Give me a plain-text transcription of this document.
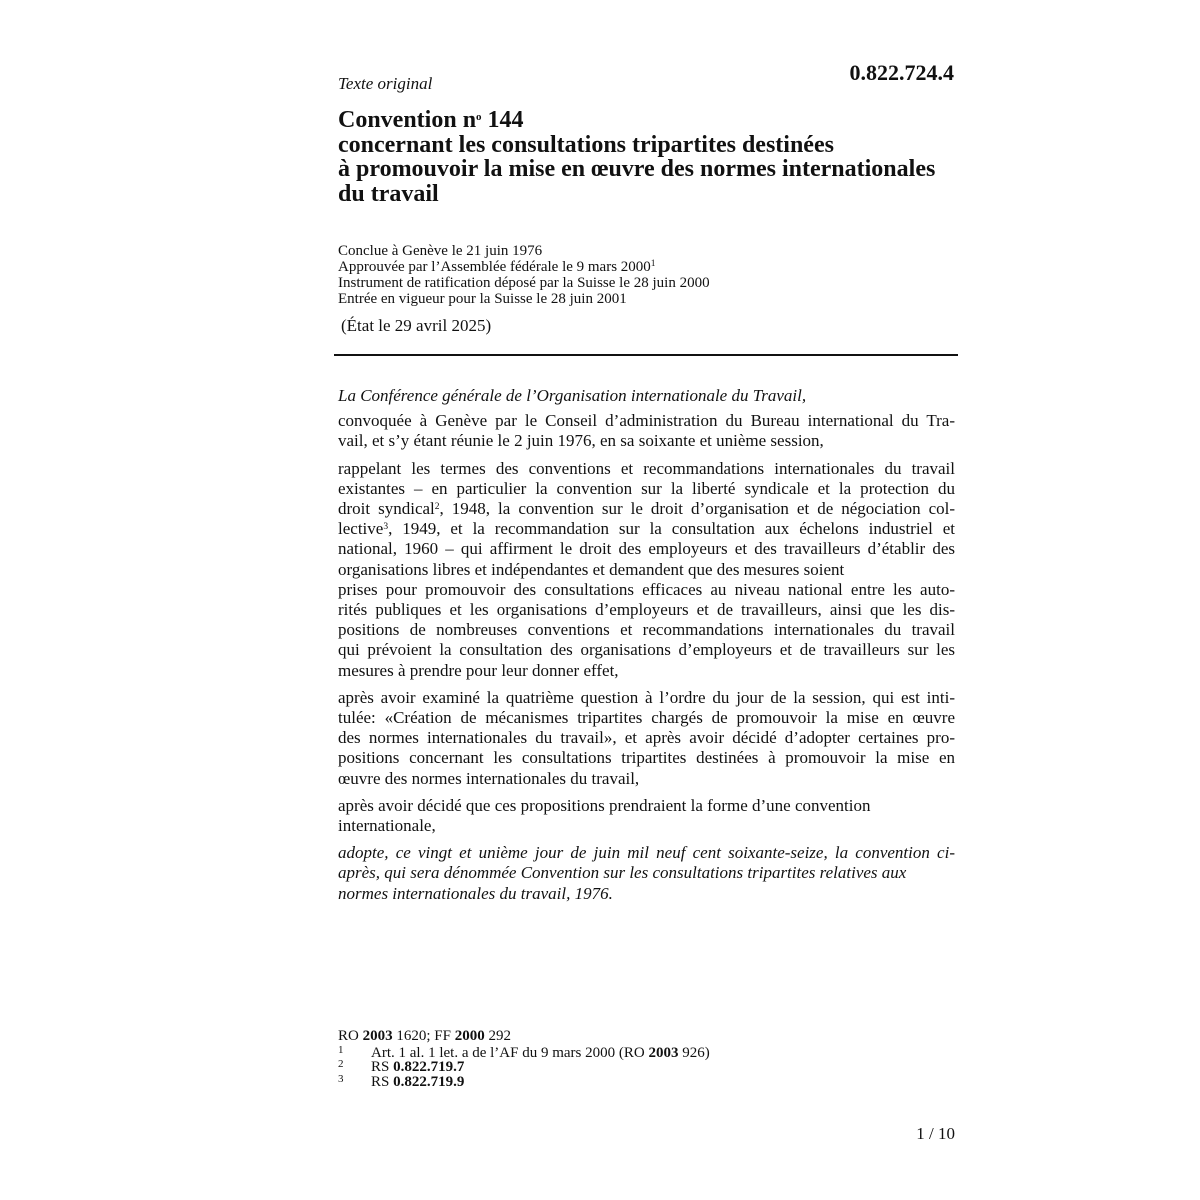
Texte original	0.822.724.4
Convention $n^o$ 144
concernant les consultations tripartites destinées
à promouvoir la mise en œuvre des normes internationales
du travail
Conclue à Genève le 21 juin 1976
Approuvée par l’Assemblée fédérale le 9 mars 2000$^1$
Instrument de ratification déposé par la Suisse le 28 juin 2000
Entrée en vigueur pour la Suisse le 28 juin 2001
(État le 29 avril 2025)

La Conférence générale de l’Organisation internationale du Travail,

convoquée à Genève par le Conseil d’administration du Bureau international du Tra-
vail, et s’y étant réunie le 2 juin 1976, en sa soixante et unième session,

rappelant les termes des conventions et recommandations internationales du travail
existantes – en particulier la convention sur la liberté syndicale et la protection du
droit syndical$^2$, 1948, la convention sur le droit d’organisation et de négociation col-
lective$^3$, 1949, et la recommandation sur la consultation aux échelons industriel et
national, 1960 – qui affirment le droit des employeurs et des travailleurs d’établir des
organisations libres et indépendantes et demandent que des mesures soient
prises pour promouvoir des consultations efficaces au niveau national entre les auto-
rités publiques et les organisations d’employeurs et de travailleurs, ainsi que les dis-
positions de nombreuses conventions et recommandations internationales du travail
qui prévoient la consultation des organisations d’employeurs et de travailleurs sur les
mesures à prendre pour leur donner effet,

après avoir examiné la quatrième question à l’ordre du jour de la session, qui est inti-
tulée: «Création de mécanismes tripartites chargés de promouvoir la mise en œuvre
des normes internationales du travail», et après avoir décidé d’adopter certaines pro-
positions concernant les consultations tripartites destinées à promouvoir la mise en
œuvre des normes internationales du travail,

après avoir décidé que ces propositions prendraient la forme d’une convention
internationale,

adopte, ce vingt et unième jour de juin mil neuf cent soixante-seize, la convention ci-
après, qui sera dénommée Convention sur les consultations tripartites relatives aux
normes internationales du travail, 1976.

RO 2003 1620; FF 2000 292
1	Art. 1 al. 1 let. a de l’AF du 9 mars 2000 (RO 2003 926)
2	RS 0.822.719.7
3	RS 0.822.719.9
1 / 10
